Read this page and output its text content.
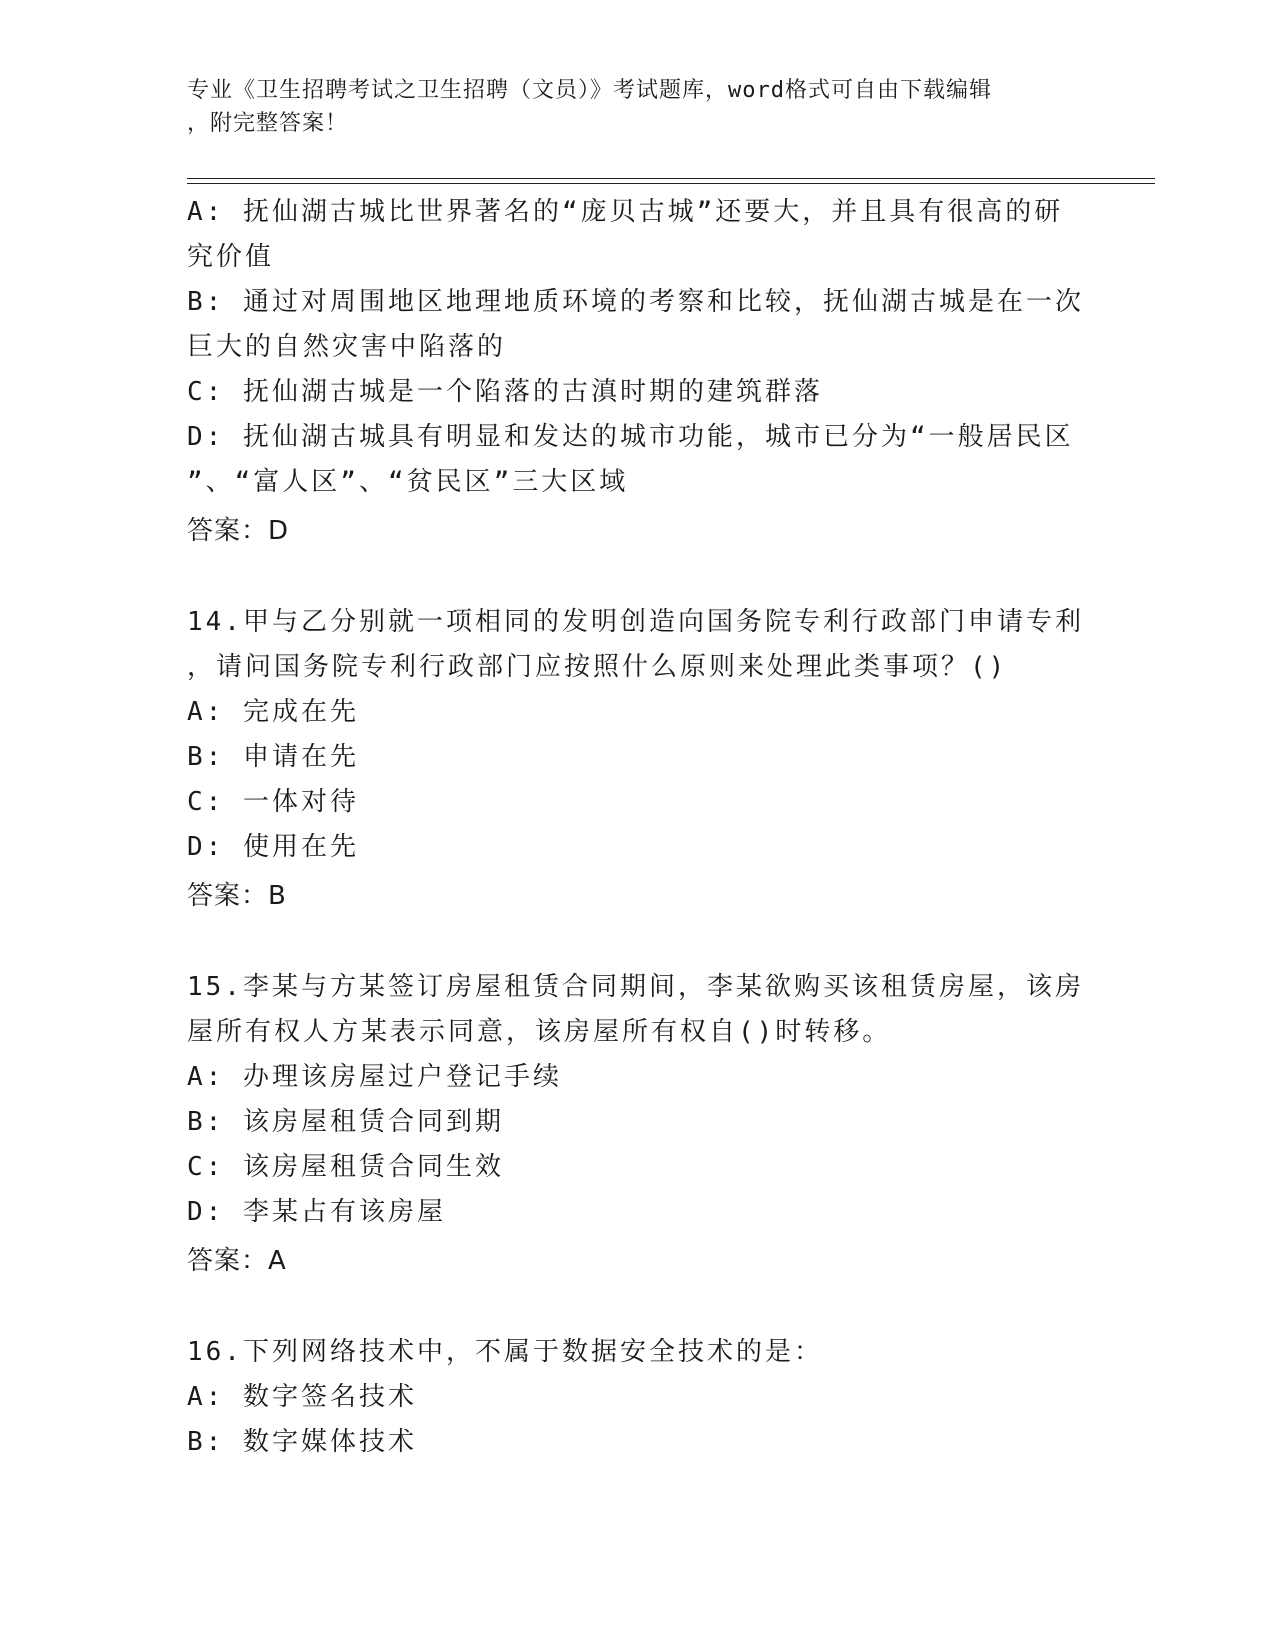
专业《卫生招聘考试之卫生招聘（文员）》考试题库，word格式可自由下载编辑
，附完整答案！
A: 抚仙湖古城比世界著名的“庞贝古城”还要大，并且具有很高的研
究价值
B: 通过对周围地区地理地质环境的考察和比较，抚仙湖古城是在一次
巨大的自然灾害中陷落的
C: 抚仙湖古城是一个陷落的古滇时期的建筑群落
D: 抚仙湖古城具有明显和发达的城市功能，城市已分为“一般居民区
”、“富人区”、“贫民区”三大区域
答案：D
14.甲与乙分别就一项相同的发明创造向国务院专利行政部门申请专利
，请问国务院专利行政部门应按照什么原则来处理此类事项？()
A: 完成在先
B: 申请在先
C: 一体对待
D: 使用在先
答案：B
15.李某与方某签订房屋租赁合同期间，李某欲购买该租赁房屋，该房
屋所有权人方某表示同意，该房屋所有权自()时转移。
A: 办理该房屋过户登记手续
B: 该房屋租赁合同到期
C: 该房屋租赁合同生效
D: 李某占有该房屋
答案：A
16.下列网络技术中，不属于数据安全技术的是：
A: 数字签名技术
B: 数字媒体技术
